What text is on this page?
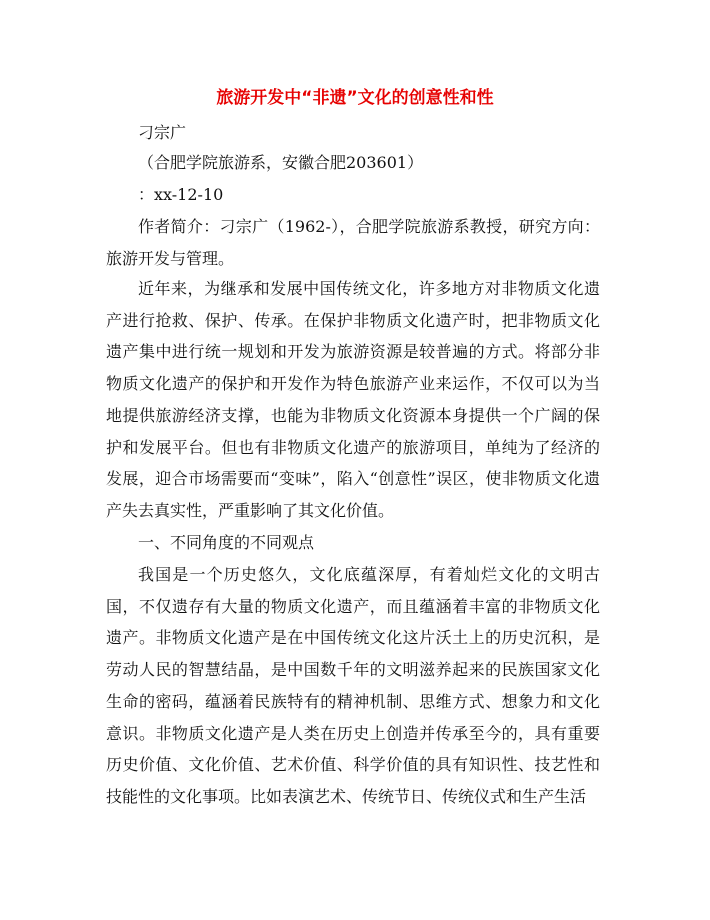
旅游开发中“非遗”文化的创意性和性
刁宗广
（合肥学院旅游系，安徽合肥203601）
：xx-12-10

作者简介：刁宗广（1962-），合肥学院旅游系教授，研究方向：旅游开发与管理。

近年来，为继承和发展中国传统文化，许多地方对非物质文化遗产进行抢救、保护、传承。在保护非物质文化遗产时，把非物质文化遗产集中进行统一规划和开发为旅游资源是较普遍的方式。将部分非物质文化遗产的保护和开发作为特色旅游产业来运作，不仅可以为当地提供旅游经济支撑，也能为非物质文化资源本身提供一个广阔的保护和发展平台。但也有非物质文化遗产的旅游项目，单纯为了经济的发展，迎合市场需要而“变味”，陷入“创意性”误区，使非物质文化遗产失去真实性，严重影响了其文化价值。

一、不同角度的不同观点

我国是一个历史悠久，文化底蕴深厚，有着灿烂文化的文明古国，不仅遗存有大量的物质文化遗产，而且蕴涵着丰富的非物质文化遗产。非物质文化遗产是在中国传统文化这片沃土上的历史沉积，是劳动人民的智慧结晶，是中国数千年的文明滋养起来的民族国家文化生命的密码，蕴涵着民族特有的精神机制、思维方式、想象力和文化意识。非物质文化遗产是人类在历史上创造并传承至今的，具有重要历史价值、文化价值、艺术价值、科学价值的具有知识性、技艺性和技能性的文化事项。比如表演艺术、传统节日、传统仪式和生产生活
